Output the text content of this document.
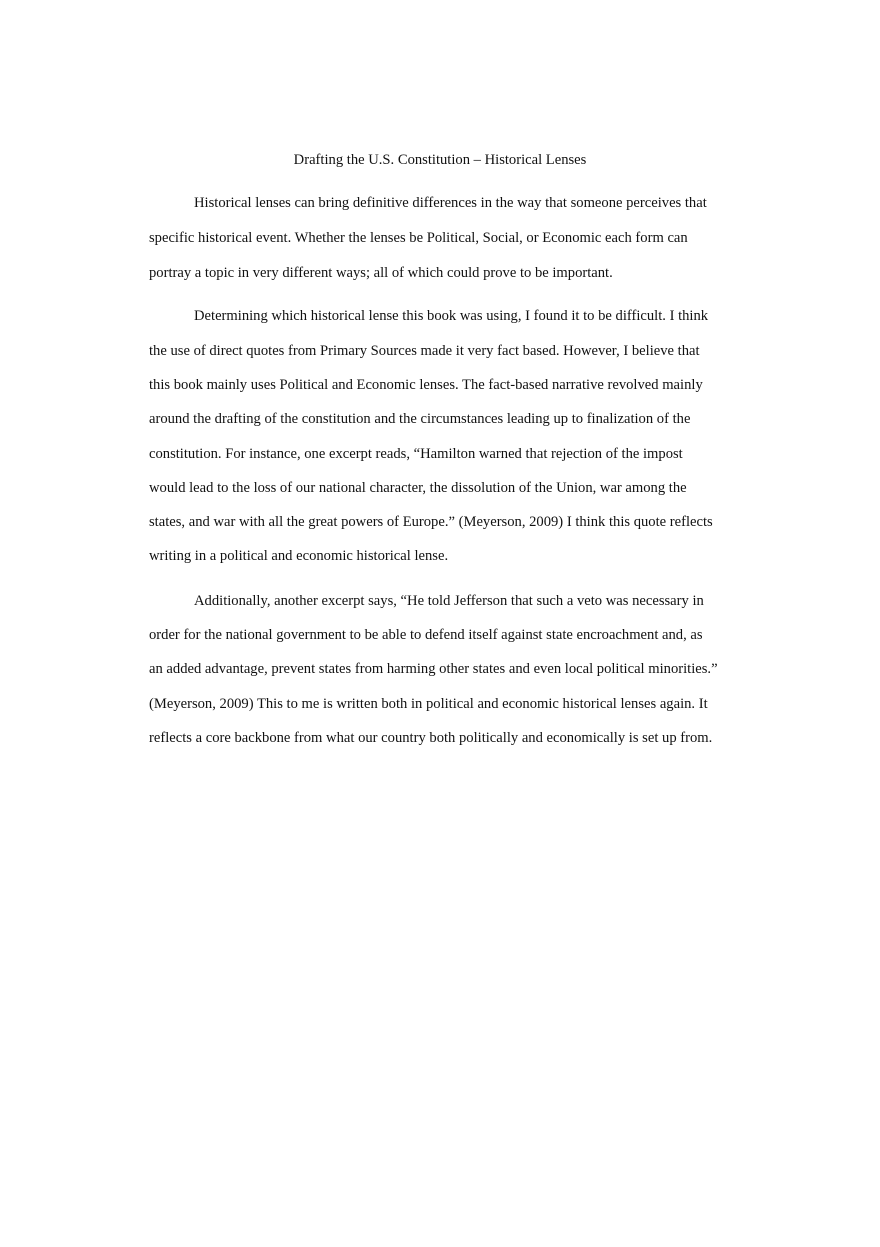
Drafting the U.S. Constitution – Historical Lenses
Historical lenses can bring definitive differences in the way that someone perceives that
specific historical event. Whether the lenses be Political, Social, or Economic each form can
portray a topic in very different ways; all of which could prove to be important.
Determining which historical lense this book was using, I found it to be difficult. I think
the use of direct quotes from Primary Sources made it very fact based. However, I believe that
this book mainly uses Political and Economic lenses. The fact-based narrative revolved mainly
around the drafting of the constitution and the circumstances leading up to finalization of the
constitution. For instance, one excerpt reads, “Hamilton warned that rejection of the impost
would lead to the loss of our national character, the dissolution of the Union, war among the
states, and war with all the great powers of Europe.” (Meyerson, 2009) I think this quote reflects
writing in a political and economic historical lense.
Additionally, another excerpt says, “He told Jefferson that such a veto was necessary in
order for the national government to be able to defend itself against state encroachment and, as
an added advantage, prevent states from harming other states and even local political minorities.”
(Meyerson, 2009) This to me is written both in political and economic historical lenses again. It
reflects a core backbone from what our country both politically and economically is set up from.
